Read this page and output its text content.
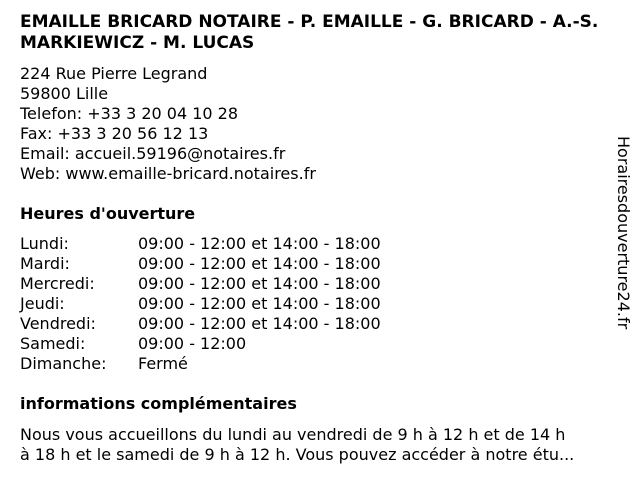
EMAILLE BRICARD NOTAIRE - P. EMAILLE - G. BRICARD - A.-S. MARKIEWICZ - M. LUCAS
224 Rue Pierre Legrand
59800 Lille
Telefon: +33 3 20 04 10 28
Fax: +33 3 20 56 12 13
Email: accueil.59196@notaires.fr
Web: www.emaille-bricard.notaires.fr
Heures d'ouverture
Lundi:	09:00 - 12:00 et 14:00 - 18:00
Mardi:	09:00 - 12:00 et 14:00 - 18:00
Mercredi:	09:00 - 12:00 et 14:00 - 18:00
Jeudi:	09:00 - 12:00 et 14:00 - 18:00
Vendredi:	09:00 - 12:00 et 14:00 - 18:00
Samedi:	09:00 - 12:00
Dimanche:	Fermé
informations complémentaires
Nous vous accueillons du lundi au vendredi de 9 h à 12 h et de 14 h
à 18 h et le samedi de 9 h à 12 h. Vous pouvez accéder à notre étu...
Horairesdouverture24.fr
